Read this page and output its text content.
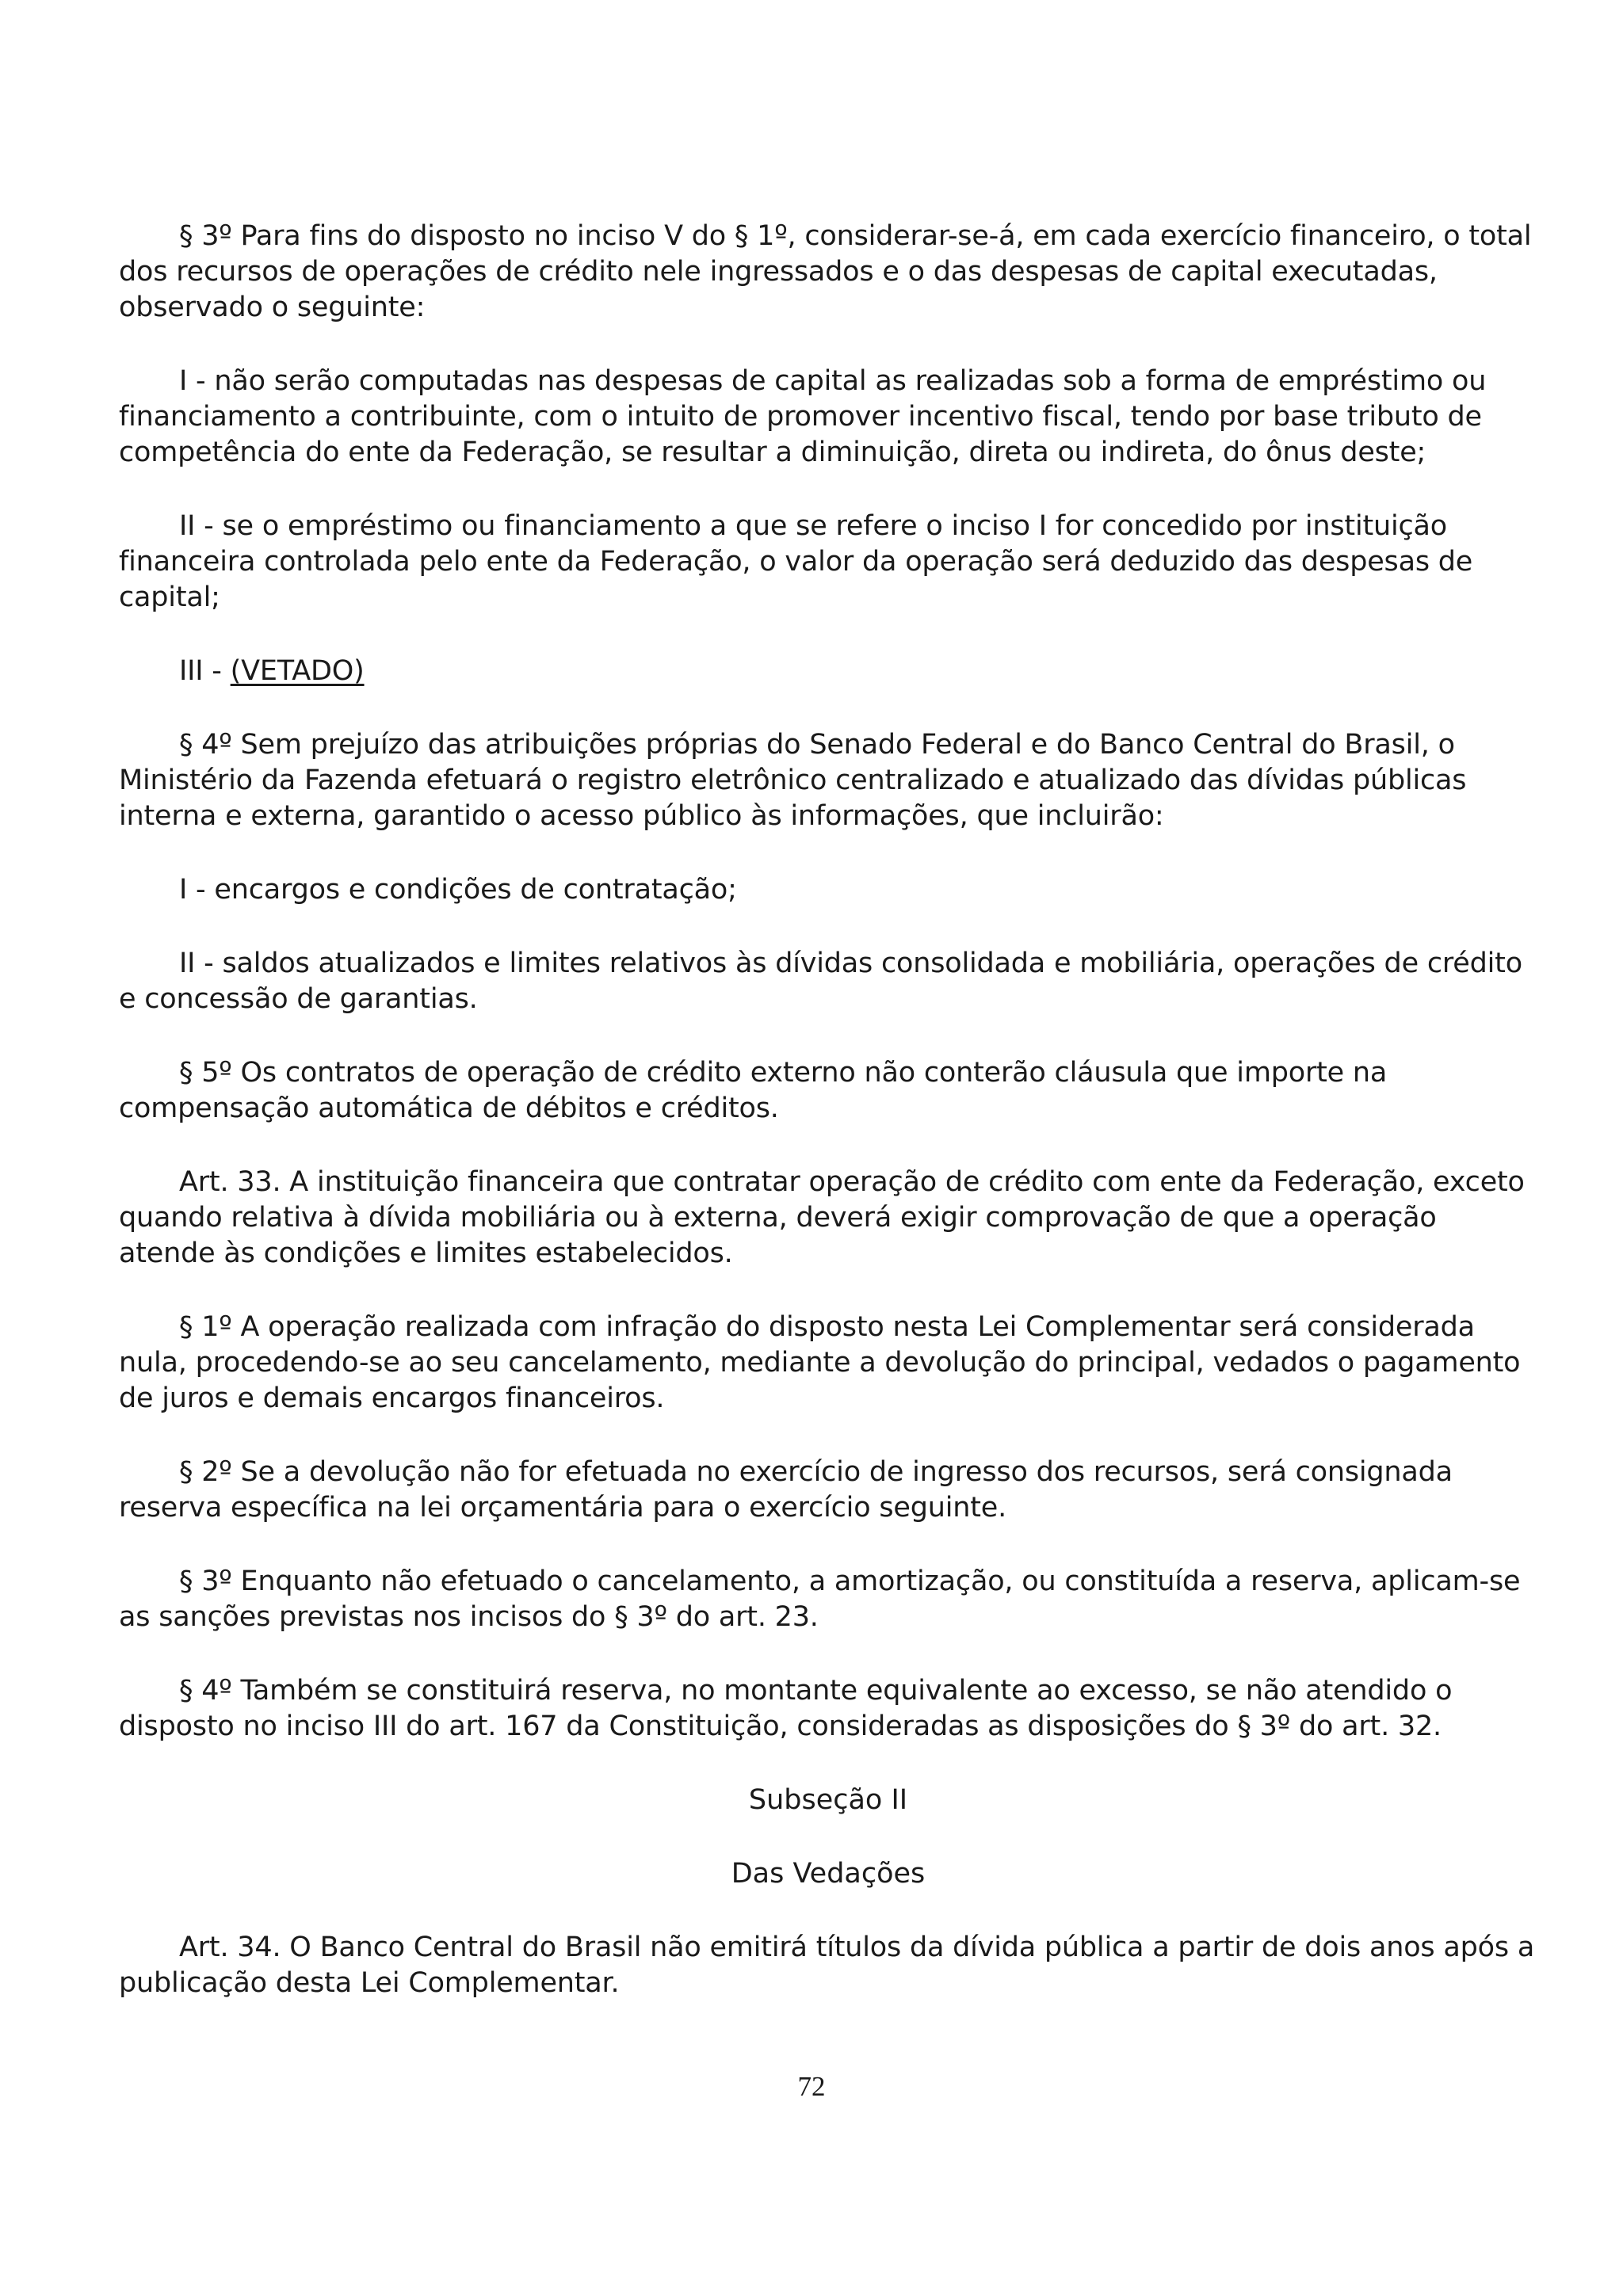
§ 3º Para fins do disposto no inciso V do § 1º, considerar-se-á, em cada exercício financeiro, o total dos recursos de operações de crédito nele ingressados e o das despesas de capital executadas, observado o seguinte:

I - não serão computadas nas despesas de capital as realizadas sob a forma de empréstimo ou financiamento a contribuinte, com o intuito de promover incentivo fiscal, tendo por base tributo de competência do ente da Federação, se resultar a diminuição, direta ou indireta, do ônus deste;

II - se o empréstimo ou financiamento a que se refere o inciso I for concedido por instituição financeira controlada pelo ente da Federação, o valor da operação será deduzido das despesas de capital;

III - (VETADO)

§ 4º Sem prejuízo das atribuições próprias do Senado Federal e do Banco Central do Brasil, o Ministério da Fazenda efetuará o registro eletrônico centralizado e atualizado das dívidas públicas interna e externa, garantido o acesso público às informações, que incluirão:

I - encargos e condições de contratação;

II - saldos atualizados e limites relativos às dívidas consolidada e mobiliária, operações de crédito e concessão de garantias.

§ 5º Os contratos de operação de crédito externo não conterão cláusula que importe na compensação automática de débitos e créditos.

Art. 33. A instituição financeira que contratar operação de crédito com ente da Federação, exceto quando relativa à dívida mobiliária ou à externa, deverá exigir comprovação de que a operação atende às condições e limites estabelecidos.

§ 1º A operação realizada com infração do disposto nesta Lei Complementar será considerada nula, procedendo-se ao seu cancelamento, mediante a devolução do principal, vedados o pagamento de juros e demais encargos financeiros.

§ 2º Se a devolução não for efetuada no exercício de ingresso dos recursos, será consignada reserva específica na lei orçamentária para o exercício seguinte.

§ 3º Enquanto não efetuado o cancelamento, a amortização, ou constituída a reserva, aplicam-se as sanções previstas nos incisos do § 3º do art. 23.

§ 4º Também se constituirá reserva, no montante equivalente ao excesso, se não atendido o disposto no inciso III do art. 167 da Constituição, consideradas as disposições do § 3º do art. 32.

Subseção II

Das Vedações

Art. 34. O Banco Central do Brasil não emitirá títulos da dívida pública a partir de dois anos após a publicação desta Lei Complementar.

72
